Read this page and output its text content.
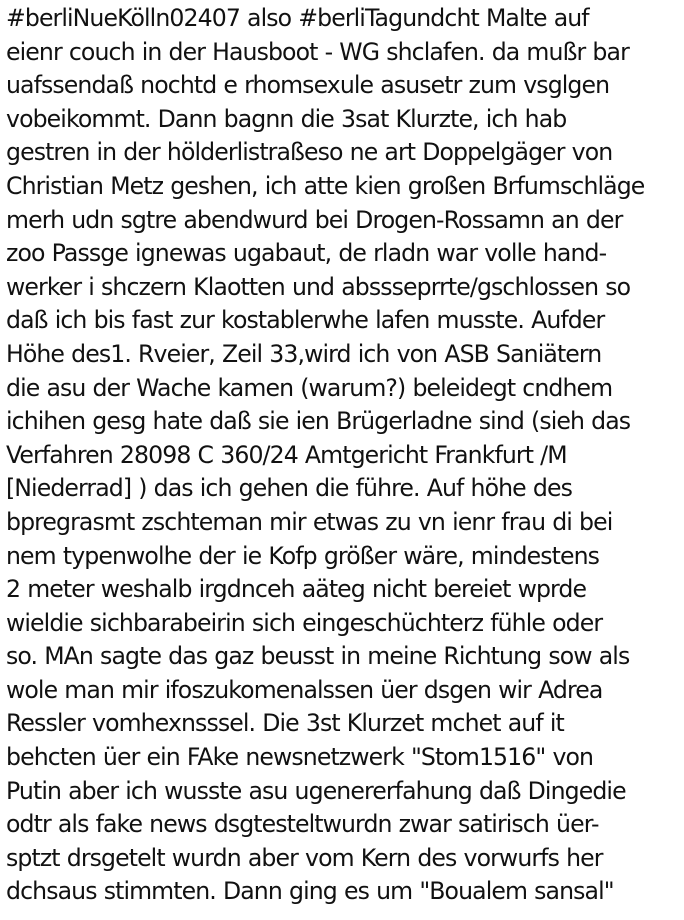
#berliNueKölln02407 also #berliTagundcht Malte auf
eienr couch in der Hausboot - WG shclafen. da mußr bar
uafssendaß nochtd e rhomsexule asusetr zum vsglgen
vobeikommt. Dann bagnn die 3sat Klurzte, ich hab
gestren in der hölderlistraßeso ne art Doppelgäger von
Christian Metz geshen, ich atte kien großen Brfumschläge
merh udn sgtre abendwurd bei Drogen-Rossamn an der
zoo Passge ignewas ugabaut, de rladn war volle hand-
werker i shczern Klaotten und absssepr‌rte/gschlossen so
daß ich bis fast zur kostablerwhe lafen musste. Aufder
Höhe des1. Rveier, Zeil 33,wird ich von ASB Saniätern
die asu der Wache kamen (warum?) beleidegt cndhem
ichihen gesg hate daß sie ien Brügerladne sind (sieh das
Verfahren 28098 C 360/24 Amtgericht Frankfurt /M
[Niederrad] ) das ich gehen die führe. Auf höhe des
bpregrasmt zschteman mir etwas zu vn ienr frau di bei
nem typenwolhe der ie Kofp größer wäre, mindestens
2 meter weshalb irgdnceh aäteg nicht bereiet wprde
wieldie sichbarabeirin sich eingeschüchterz fühle oder
so. MAn sagte das gaz beusst in meine Richtung sow als
wole man mir ifoszukomenalssen üer dsgen wir Adrea
Ressler vomhexnsssel. Die 3st Klurzet mchet auf it
behcten üer ein FAke newsnetzwerk "Stom1516" von
Putin aber ich wusste asu ugenererfahung daß Dingedie
odtr als fake news dsgtesteltwurdn zwar satirisch üer-
sptzt drsgetelt wurdn aber vom Kern des vorwurfs her
dchsaus stimmten. Dann ging es um "Boualem sansal"
